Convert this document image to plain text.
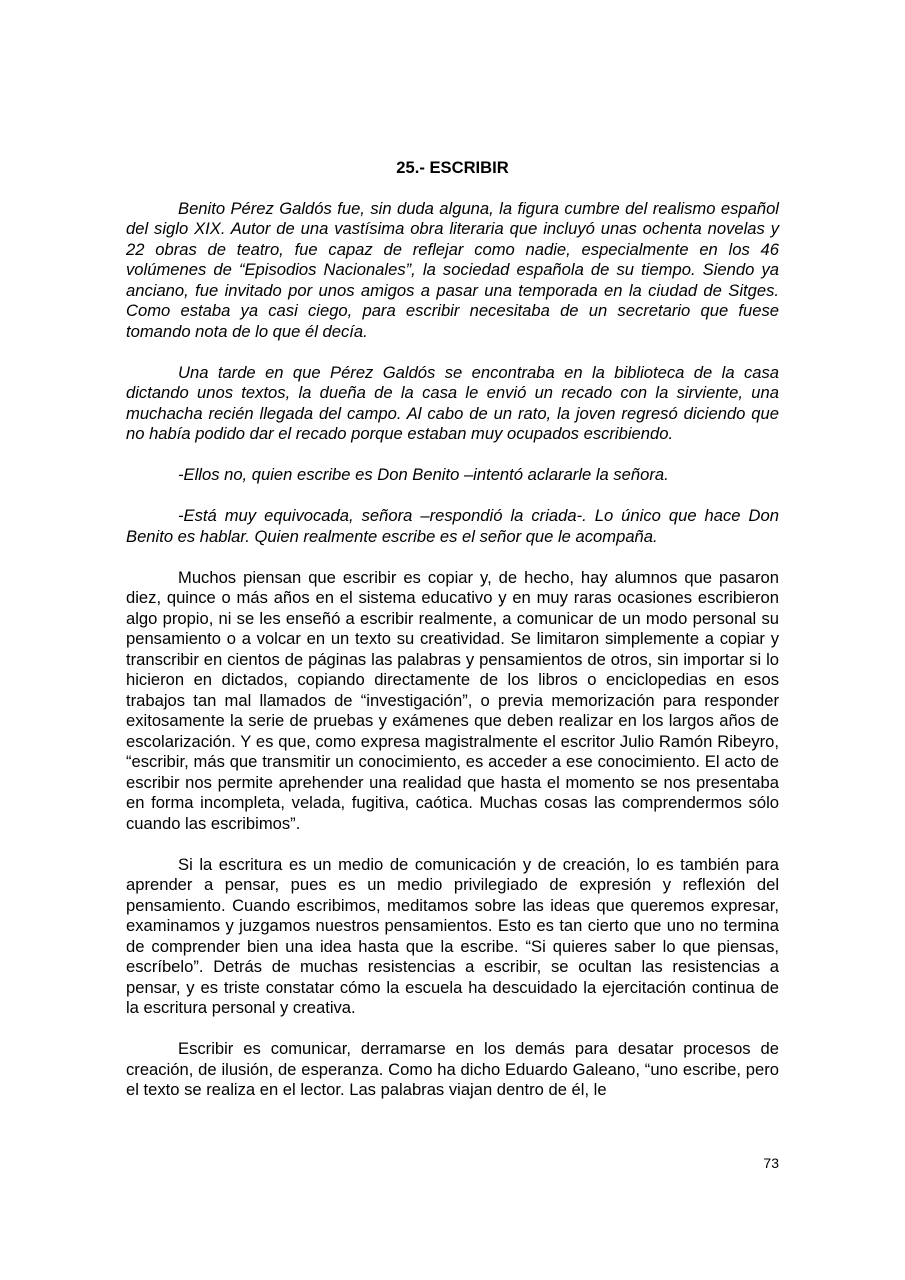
25.- ESCRIBIR

Benito Pérez Galdós fue, sin duda alguna, la figura cumbre del realismo español del siglo XIX. Autor de una vastísima obra literaria que incluyó unas ochenta novelas y 22 obras de teatro, fue capaz de reflejar como nadie, especialmente en los 46 volúmenes de “Episodios Nacionales”, la sociedad española de su tiempo. Siendo ya anciano, fue invitado por unos amigos a pasar una temporada en la ciudad de Sitges. Como estaba ya casi ciego, para escribir necesitaba de un secretario que fuese tomando nota de lo que él decía.

Una tarde en que Pérez Galdós se encontraba en la biblioteca de la casa dictando unos textos, la dueña de la casa le envió un recado con la sirviente, una muchacha recién llegada del campo. Al cabo de un rato, la joven regresó diciendo que no había podido dar el recado porque estaban muy ocupados escribiendo.

-Ellos no, quien escribe es Don Benito –intentó aclararle la señora.

-Está muy equivocada, señora –respondió la criada-. Lo único que hace Don Benito es hablar. Quien realmente escribe es el señor que le acompaña.

Muchos piensan que escribir es copiar y, de hecho, hay alumnos que pasaron diez, quince o más años en el sistema educativo y en muy raras ocasiones escribieron algo propio, ni se les enseñó a escribir realmente, a comunicar de un modo personal su pensamiento o a volcar en un texto su creatividad. Se limitaron simplemente a copiar y transcribir en cientos de páginas las palabras y pensamientos de otros, sin importar si lo hicieron en dictados, copiando directamente de los libros o enciclopedias en esos trabajos tan mal llamados de “investigación”, o previa memorización para responder exitosamente la serie de pruebas y exámenes que deben realizar en los largos años de escolarización. Y es que, como expresa magistralmente el escritor Julio Ramón Ribeyro, “escribir, más que transmitir un conocimiento, es acceder a ese conocimiento. El acto de escribir nos permite aprehender una realidad que hasta el momento se nos presentaba en forma incompleta, velada, fugitiva, caótica. Muchas cosas las comprendermos sólo cuando las escribimos”.

Si la escritura es un medio de comunicación y de creación, lo es también para aprender a pensar, pues es un medio privilegiado de expresión y reflexión del pensamiento. Cuando escribimos, meditamos sobre las ideas que queremos expresar, examinamos y juzgamos nuestros pensamientos. Esto es tan cierto que uno no termina de comprender bien una idea hasta que la escribe. “Si quieres saber lo que piensas, escríbelo”. Detrás de muchas resistencias a escribir, se ocultan las resistencias a pensar, y es triste constatar cómo la escuela ha descuidado la ejercitación continua de la escritura personal y creativa.

Escribir es comunicar, derramarse en los demás para desatar procesos de creación, de ilusión, de esperanza. Como ha dicho Eduardo Galeano, “uno escribe, pero el texto se realiza en el lector. Las palabras viajan dentro de él, le

73
